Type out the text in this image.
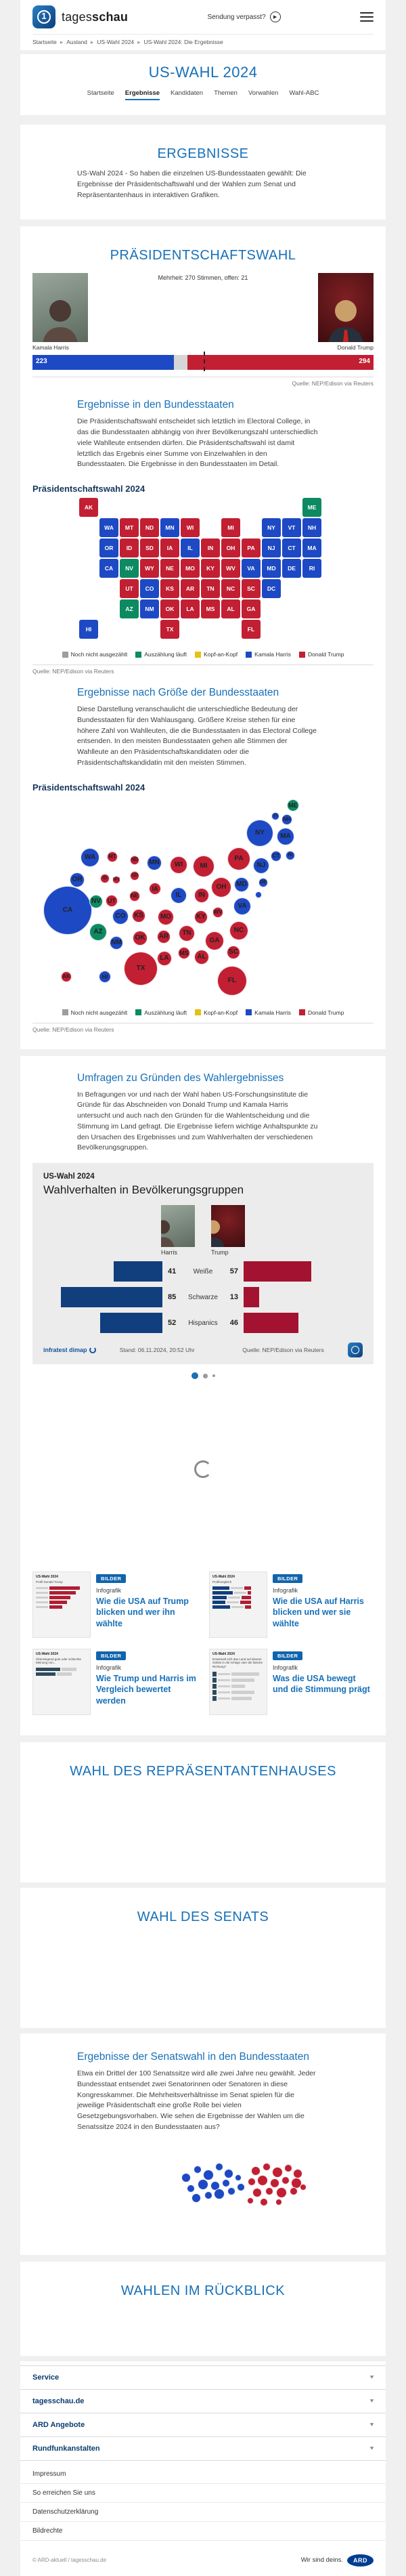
1
tagesschau	Sendung verpasst?	▶
Startseite ▸ Ausland ▸ US-Wahl 2024 ▸ US-Wahl 2024: Die Ergebnisse
US-WAHL 2024
Startseite Ergebnisse Kandidaten Themen Vorwahlen Wahl-ABC
ERGEBNISSE

US-Wahl 2024 - So haben die einzelnen US-Bundesstaaten gewählt: Die Ergebnisse der Präsidentschaftswahl und der Wahlen zum Senat und Repräsentantenhaus in interaktiven Grafiken.

PRÄSIDENTSCHAFTSWAHL
Kamala Harris
Mehrheit: 270 Stimmen, offen: 21
Donald Trump
223	294
Quelle: NEP/Edison via Reuters
Ergebnisse in den Bundesstaaten

Die Präsidentschaftswahl entscheidet sich letztlich im Electoral College, in das die Bundesstaaten abhängig von ihrer Bevölkerungszahl unterschiedlich viele Wahlleute entsenden dürfen. Die Präsidentschaftswahl ist damit letztlich das Ergebnis einer Summe von Einzelwahlen in den Bundesstaaten. Die Ergebnisse in den Bundesstaaten im Detail.

Präsidentschaftswahl 2024
AK	ME
WA	MT	ND	MN	WI	MI	NY	VT	NH
OR	ID	SD	IA	IL	IN	OH	PA	NJ	CT	MA
CA	NV	WY	NE	MO	KY	WV	VA	MD	DE	RI
UT	CO	KS	AR	TN	NC	SC	DC
AZ	NM	OK	LA	MS	AL	GA
HI	TX	FL
Noch nicht ausgezählt	Auszählung läuft	Kopf-an-Kopf	Kamala Harris	Donald Trump
Quelle: NEP/Edison via Reuters
Ergebnisse nach Größe der Bundesstaaten

Diese Darstellung veranschaulicht die unterschiedliche Bedeutung der Bundesstaaten für den Wahlausgang. Größere Kreise stehen für eine höhere Zahl von Wahlleuten, die die Bundesstaaten in das Electoral College entsenden. In den meisten Bundesstaaten gehen alle Stimmen der Wahlleute an den Präsidentschaftskandidaten oder die Präsidentschaftskandidatin mit den meisten Stimmen.

Präsidentschaftswahl 2024
CA
NV
AZ
NM
UT
CO
OR
WA
ID
MT
WY
ND
SD
NE
KS
OK
TX
MN
IA
MO
AR
LA
WI
IL
MS
MI
IN
KY
TN
AL
OH
WV
GA
FL
SC
NC
VA
MD	DE
PA
NJ
NY
CT	RI
MA
NH
VT
ME
AK	HI
Noch nicht ausgezählt	Auszählung läuft	Kopf-an-Kopf	Kamala Harris	Donald Trump
Quelle: NEP/Edison via Reuters
Umfragen zu Gründen des Wahlergebnisses

In Befragungen vor und nach der Wahl haben US-Forschungsinstitute die Gründe für das Abschneiden von Donald Trump und Kamala Harris untersucht und auch nach den Gründen für die Wahlentscheidung und die Stimmung im Land gefragt. Die Ergebnisse liefern wichtige Anhaltspunkte zu den Ursachen des Ergebnisses und zum Wahlverhalten der verschiedenen Bevölkerungsgruppen.

US-Wahl 2024
Wahlverhalten in Bevölkerungsgruppen
Harris	Trump
41	Weiße 57
85 Schwarze 13
52 Hispanics 46
infratest dimap	Stand: 06.11.2024, 20:52 Uhr	Quelle: NEP/Edison via Reuters
US-Wahl 2024
Profil Donald Trump	BILDER
Infografik
Wie die USA auf Trump blicken und wer ihn wählte
US-Wahl 2024
Profilvergleich	BILDER
Infografik
Wie die USA auf Harris blicken und wer sie wählte
US-Wahl 2024
Überwiegend gute oder schlechte Meinung von...
BILDER
Infografik
Wie Trump und Harris im Vergleich bewertet werden
US-Wahl 2024
Entwickelt sich das Land auf diesem Gebiet in die richtige oder die falsche Richtung?
BILDER
Infografik
Was die USA bewegt und die Stimmung prägt
WAHL DES REPRÄSENTANTENHAUSES
WAHL DES SENATS
Ergebnisse der Senatswahl in den Bundesstaaten

Etwa ein Drittel der 100 Senatssitze wird alle zwei Jahre neu gewählt. Jeder Bundesstaat entsendet zwei Senatorinnen oder Senatoren in diese Kongresskammer. Die Mehrheitsverhältnisse im Senat spielen für die jeweilige Präsidentschaft eine große Rolle bei vielen Gesetzgebungsvorhaben. Wie sehen die Ergebnisse der Wahlen um die Senatssitze 2024 in den Bundesstaaten aus?

WAHLEN IM RÜCKBLICK
Service	▾
tagesschau.de	▾
ARD Angebote	▾
Rundfunkanstalten	▾
Impressum
So erreichen Sie uns
Datenschutzerklärung
Bildrechte
© ARD-aktuell / tagesschau.de	Wir sind deins.	ARD
